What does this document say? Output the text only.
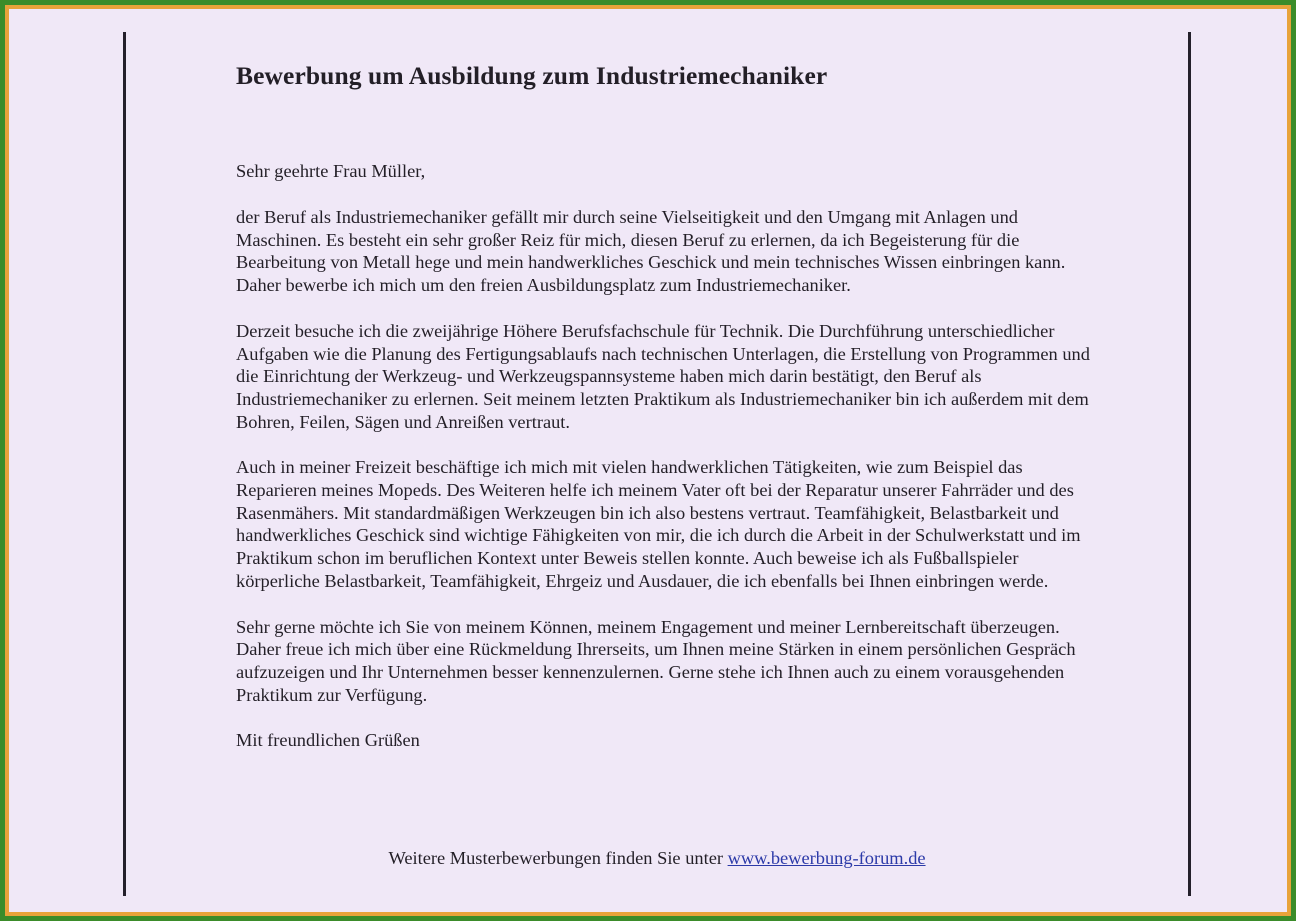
Bewerbung um Ausbildung zum Industriemechaniker

Sehr geehrte Frau Müller,

der Beruf als Industriemechaniker gefällt mir durch seine Vielseitigkeit und den Umgang mit Anlagen und Maschinen. Es besteht ein sehr großer Reiz für mich, diesen Beruf zu erlernen, da ich Begeisterung für die Bearbeitung von Metall hege und mein handwerkliches Geschick und mein technisches Wissen einbringen kann. Daher bewerbe ich mich um den freien Ausbildungsplatz zum Industriemechaniker.

Derzeit besuche ich die zweijährige Höhere Berufsfachschule für Technik. Die Durchführung unterschiedlicher Aufgaben wie die Planung des Fertigungsablaufs nach technischen Unterlagen, die Erstellung von Programmen und die Einrichtung der Werkzeug- und Werkzeugspannsysteme haben mich darin bestätigt, den Beruf als Industriemechaniker zu erlernen. Seit meinem letzten Praktikum als Industriemechaniker bin ich außerdem mit dem Bohren, Feilen, Sägen und Anreißen vertraut.

Auch in meiner Freizeit beschäftige ich mich mit vielen handwerklichen Tätigkeiten, wie zum Beispiel das Reparieren meines Mopeds. Des Weiteren helfe ich meinem Vater oft bei der Reparatur unserer Fahrräder und des Rasenmähers. Mit standardmäßigen Werkzeugen bin ich also bestens vertraut. Teamfähigkeit, Belastbarkeit und handwerkliches Geschick sind wichtige Fähigkeiten von mir, die ich durch die Arbeit in der Schulwerkstatt und im Praktikum schon im beruflichen Kontext unter Beweis stellen konnte. Auch beweise ich als Fußballspieler körperliche Belastbarkeit, Teamfähigkeit, Ehrgeiz und Ausdauer, die ich ebenfalls bei Ihnen einbringen werde.

Sehr gerne möchte ich Sie von meinem Können, meinem Engagement und meiner Lernbereitschaft überzeugen. Daher freue ich mich über eine Rückmeldung Ihrerseits, um Ihnen meine Stärken in einem persönlichen Gespräch aufzuzeigen und Ihr Unternehmen besser kennenzulernen. Gerne stehe ich Ihnen auch zu einem vorausgehenden Praktikum zur Verfügung.

Mit freundlichen Grüßen

Weitere Musterbewerbungen finden Sie unter www.bewerbung-forum.de
